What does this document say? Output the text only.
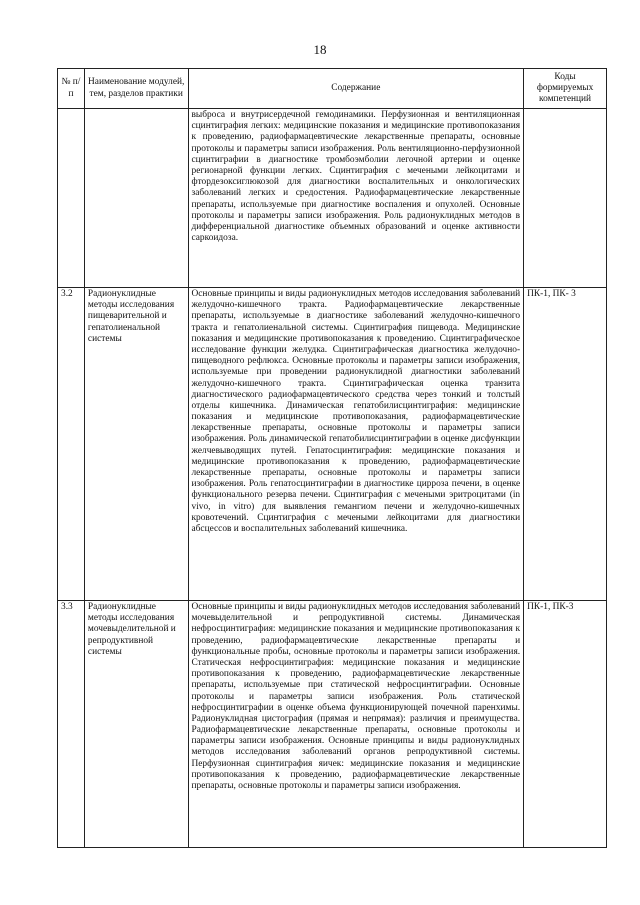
18
№ п/п	Наименование модулей, тем, разделов практики	Содержание	Коды формируемых компетенций
		выброса и внутрисердечной гемодинамики. Перфузионная и вентиляционная сцинтиграфия легких: медицинские показания и медицинские противопоказания к проведению, радиофармацевтические лекарственные препараты, основные протоколы и параметры записи изображения. Роль вентиляционно-перфузионной сцинтиграфии в диагностике тромбоэмболии легочной артерии и оценке регионарной функции легких. Сцинтиграфия с мечеными лейкоцитами и фтордезоксиглюкозой для диагностики воспалительных и онкологических заболеваний легких и средостения. Радиофармацевтические лекарственные препараты, используемые при диагностике воспаления и опухолей. Основные протоколы и параметры записи изображения. Роль радионуклидных методов в дифференциальной диагностике объемных образований и оценке активности саркоидоза.	
3.2	Радионуклидные методы исследования пищеварительной и гепатолиенальной системы	Основные принципы и виды радионуклидных методов исследования заболеваний желудочно-кишечного тракта. Радиофармацевтические лекарственные препараты, используемые в диагностике заболеваний желудочно-кишечного тракта и гепатолиенальной системы. Сцинтиграфия пищевода. Медицинские показания и медицинские противопоказания к проведению. Сцинтиграфическое исследование функции желудка. Сцинтиграфическая диагностика желудочно-пищеводного рефлюкса. Основные протоколы и параметры записи изображения, используемые при проведении радионуклидной диагностики заболеваний желудочно-кишечного тракта. Сцинтиграфическая оценка транзита диагностического радиофармацевтического средства через тонкий и толстый отделы кишечника. Динамическая гепатобилисцинтиграфия: медицинские показания и медицинские противопоказания, радиофармацевтические лекарственные препараты, основные протоколы и параметры записи изображения. Роль динамической гепатобилисцинтиграфии в оценке дисфункции желчевыводящих путей. Гепатосцинтиграфия: медицинские показания и медицинские противопоказания к проведению, радиофармацевтические лекарственные препараты, основные протоколы и параметры записи изображения. Роль гепатосцинтиграфии в диагностике цирроза печени, в оценке функционального резерва печени. Сцинтиграфия с мечеными эритроцитами (in vivo, in vitro) для выявления гемангиом печени и желудочно-кишечных кровотечений. Сцинтиграфия с мечеными лейкоцитами для диагностики абсцессов и воспалительных заболеваний кишечника.	ПК-1, ПК- 3
3.3	Радионуклидные методы исследования мочевыделительной и репродуктивной системы	Основные принципы и виды радионуклидных методов исследования заболеваний мочевыделительной и репродуктивной системы. Динамическая нефросцинтиграфия: медицинские показания и медицинские противопоказания к проведению, радиофармацевтические лекарственные препараты и функциональные пробы, основные протоколы и параметры записи изображения. Статическая нефросцинтиграфия: медицинские показания и медицинские противопоказания к проведению, радиофармацевтические лекарственные препараты, используемые при статической нефросцинтиграфии. Основные протоколы и параметры записи изображения. Роль статической нефросцинтиграфии в оценке объема функционирующей почечной паренхимы. Радионуклидная цистография (прямая и непрямая): различия и преимущества. Радиофармацевтические лекарственные препараты, основные протоколы и параметры записи изображения. Основные принципы и виды радионуклидных методов исследования заболеваний органов репродуктивной системы. Перфузионная сцинтиграфия яичек: медицинские показания и медицинские противопоказания к проведению, радиофармацевтические лекарственные препараты, основные протоколы и параметры записи изображения.	ПК-1, ПК-3
